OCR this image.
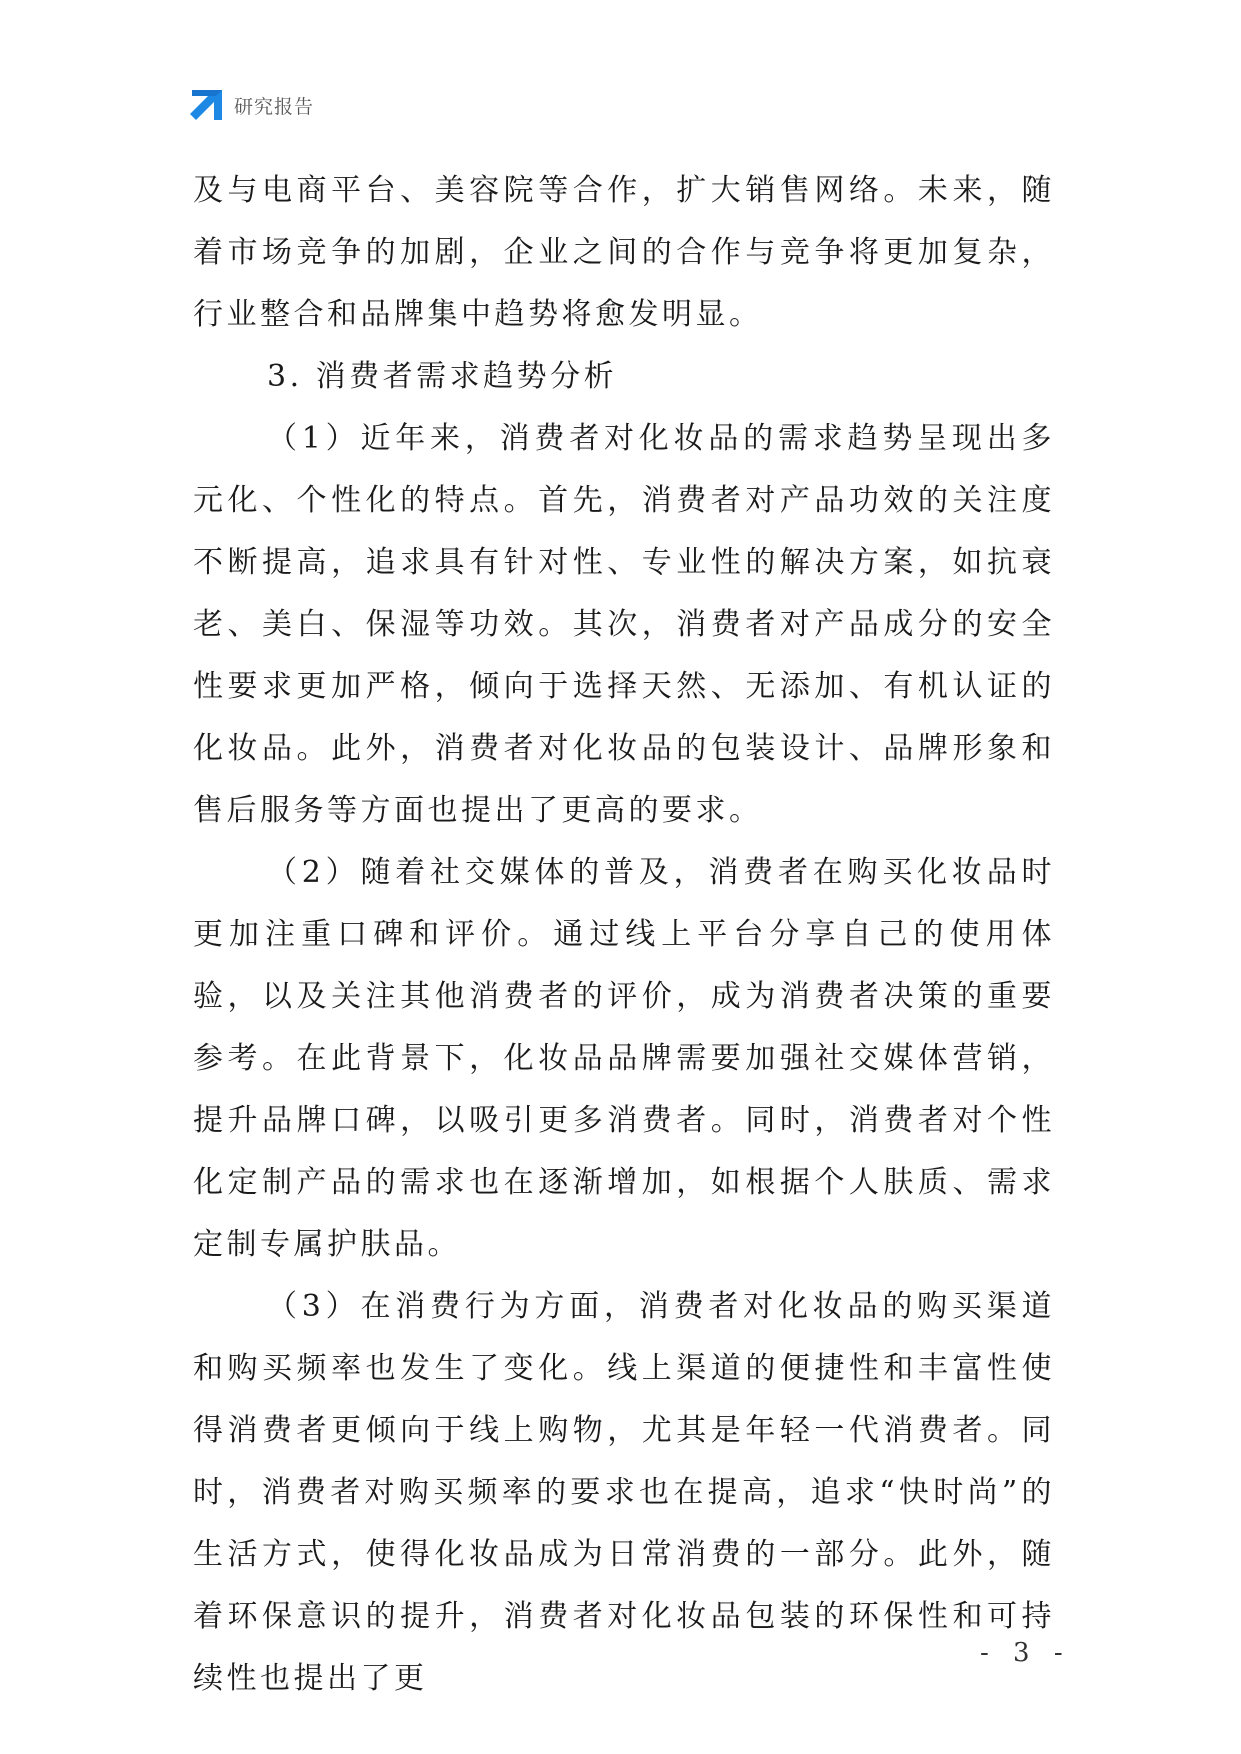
研究报告

及与电商平台、美容院等合作，扩大销售网络。未来，随着市场竞争的加剧，企业之间的合作与竞争将更加复杂，行业整合和品牌集中趋势将愈发明显。

3. 消费者需求趋势分析

（1）近年来，消费者对化妆品的需求趋势呈现出多元化、个性化的特点。首先，消费者对产品功效的关注度不断提高，追求具有针对性、专业性的解决方案，如抗衰老、美白、保湿等功效。其次，消费者对产品成分的安全性要求更加严格，倾向于选择天然、无添加、有机认证的化妆品。此外，消费者对化妆品的包装设计、品牌形象和售后服务等方面也提出了更高的要求。

（2）随着社交媒体的普及，消费者在购买化妆品时更加注重口碑和评价。通过线上平台分享自己的使用体验，以及关注其他消费者的评价，成为消费者决策的重要参考。在此背景下，化妆品品牌需要加强社交媒体营销，提升品牌口碑，以吸引更多消费者。同时，消费者对个性化定制产品的需求也在逐渐增加，如根据个人肤质、需求定制专属护肤品。

（3）在消费行为方面，消费者对化妆品的购买渠道和购买频率也发生了变化。线上渠道的便捷性和丰富性使得消费者更倾向于线上购物，尤其是年轻一代消费者。同时，消费者对购买频率的要求也在提高，追求“快时尚”的生活方式，使得化妆品成为日常消费的一部分。此外，随着环保意识的提升，消费者对化妆品包装的环保性和可持续性也提出了更

- 3 -
